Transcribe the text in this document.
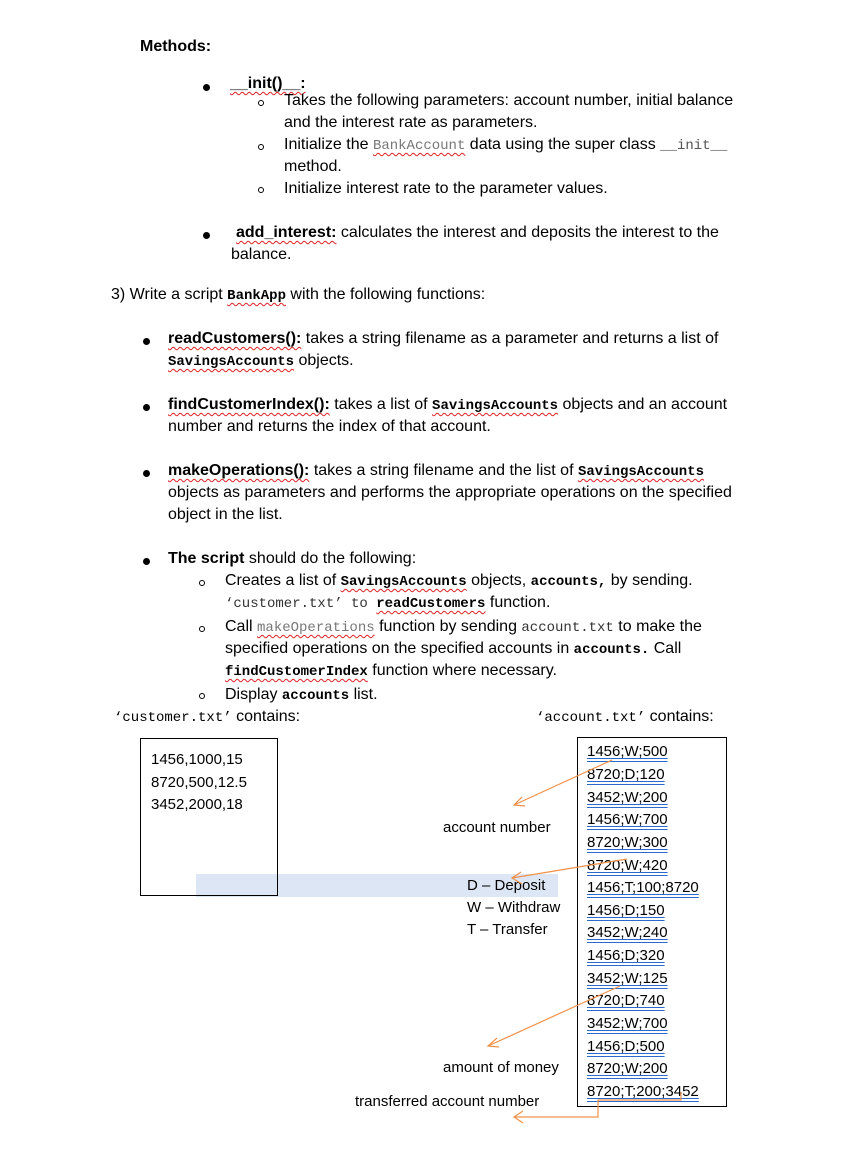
Methods:
__init()__:
Takes the following parameters: account number, initial balance
and the interest rate as parameters.
Initialize the BankAccount data using the super class __init__
method.
Initialize interest rate to the parameter values.
add_interest: calculates the interest and deposits the interest to the
balance.
3) Write a script BankApp with the following functions:
readCustomers(): takes a string filename as a parameter and returns a list of
SavingsAccounts objects.
findCustomerIndex(): takes a list of SavingsAccounts objects and an account
number and returns the index of that account.
makeOperations(): takes a string filename and the list of SavingsAccounts
objects as parameters and performs the appropriate operations on the specified
object in the list.
The script should do the following:
Creates a list of SavingsAccounts objects, accounts, by sending.
‘customer.txt’ to readCustomers function.
Call makeOperations function by sending account.txt to make the
specified operations on the specified accounts in accounts. Call
findCustomerIndex function where necessary.
Display accounts list.
‘customer.txt’ contains:	‘account.txt’ contains:
1456,1000,15
8720,500,12.5
3452,2000,18
1456;W;500
8720;D;120
3452;W;200
1456;W;700
8720;W;300
8720;W;420
1456;T;100;8720
1456;D;150
3452;W;240
1456;D;320
3452;W;125
8720;D;740
3452;W;700
1456;D;500
8720;W;200
8720;T;200;3452
account number
D – Deposit
W – Withdraw
T – Transfer
amount of money
transferred account number
